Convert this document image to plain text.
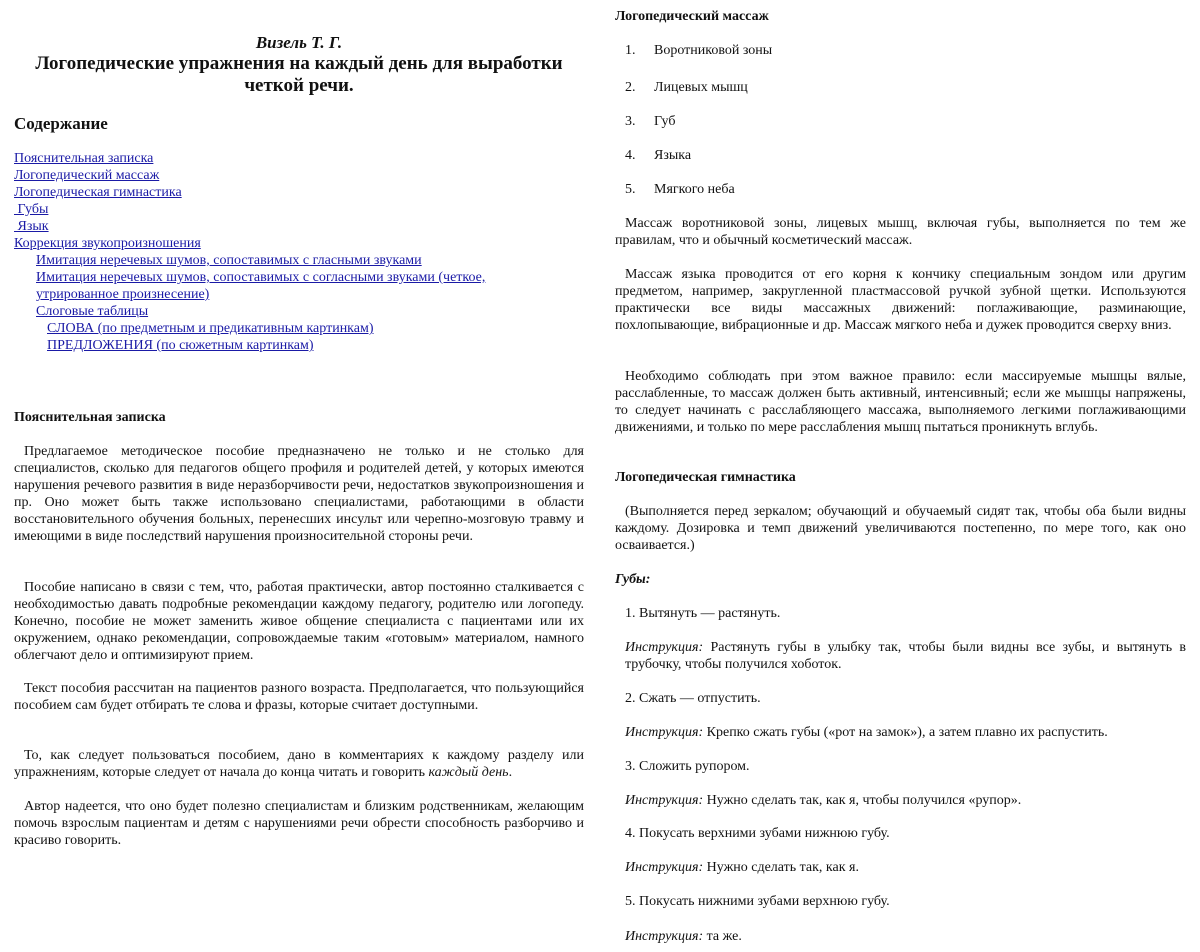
Визель Т. Г.

Логопедические упражнения на каждый день для выработки четкой речи.
Содержание
Пояснительная записка
Логопедический массаж
Логопедическая гимнастика
Губы
Язык
Коррекция звукопроизношения
Имитация неречевых шумов, сопоставимых с гласными звуками
Имитация неречевых шумов, сопоставимых с согласными звуками (четкое, утрированное произнесение)
Слоговые таблицы
СЛОВА (по предметным и предикативным картинкам)
ПРЕДЛОЖЕНИЯ (по сюжетным картинкам)
Пояснительная записка

Предлагаемое методическое пособие предназначено не только и не столько для специалистов, сколько для педагогов общего профиля и родителей детей, у которых имеются нарушения речевого развития в виде неразборчивости речи, недостатков звукопроизношения и пр. Оно может быть также использовано специалистами, работающими в области восстановительного обучения больных, перенесших инсульт или черепно-мозговую травму и имеющими в виде последствий нарушения произносительной стороны речи.

Пособие написано в связи с тем, что, работая практически, автор постоянно сталкивается с необходимостью давать подробные рекомендации каждому педагогу, родителю или логопеду. Конечно, пособие не может заменить живое общение специалиста с пациентами или их окружением, однако рекомендации, сопровождаемые таким «готовым» материалом, намного облегчают дело и оптимизируют прием.

Текст пособия рассчитан на пациентов разного возраста. Предполагается, что пользующийся пособием сам будет отбирать те слова и фразы, которые считает доступными.

То, как следует пользоваться пособием, дано в комментариях к каждому разделу или упражнениям, которые следует от начала до конца читать и говорить каждый день.

Автор надеется, что оно будет полезно специалистам и близким родственникам, желающим помочь взрослым пациентам и детям с нарушениями речи обрести способность разборчиво и красиво говорить.

Логопедический массаж
1. Воротниковой зоны
2. Лицевых мышц
3. Губ
4. Языка
5. Мягкого неба

Массаж воротниковой зоны, лицевых мышц, включая губы, выполняется по тем же правилам, что и обычный косметический массаж.

Массаж языка проводится от его корня к кончику специальным зондом или другим предметом, например, закругленной пластмассовой ручкой зубной щетки. Используются практически все виды массажных движений: поглаживающие, разминающие, похлопывающие, вибрационные и др. Массаж мягкого неба и дужек проводится сверху вниз.

Необходимо соблюдать при этом важное правило: если массируемые мышцы вялые, расслабленные, то массаж должен быть активный, интенсивный; если же мышцы напряжены, то следует начинать с расслабляющего массажа, выполняемого легкими поглаживающими движениями, и только по мере расслабления мышц пытаться проникнуть вглубь.

Логопедическая гимнастика

(Выполняется перед зеркалом; обучающий и обучаемый сидят так, чтобы оба были видны каждому. Дозировка и темп движений увеличиваются постепенно, по мере того, как оно осваивается.)

Губы:

1. Вытянуть — растянуть.

Инструкция: Растянуть губы в улыбку так, чтобы были видны все зубы, и вытянуть в трубочку, чтобы получился хоботок.

2. Сжать — отпустить.

Инструкция: Крепко сжать губы («рот на замок»), а затем плавно их распустить.

3. Сложить рупором.

Инструкция: Нужно сделать так, как я, чтобы получился «рупор».

4. Покусать верхними зубами нижнюю губу.

Инструкция: Нужно сделать так, как я.

5. Покусать нижними зубами верхнюю губу.

Инструкция: та же.
